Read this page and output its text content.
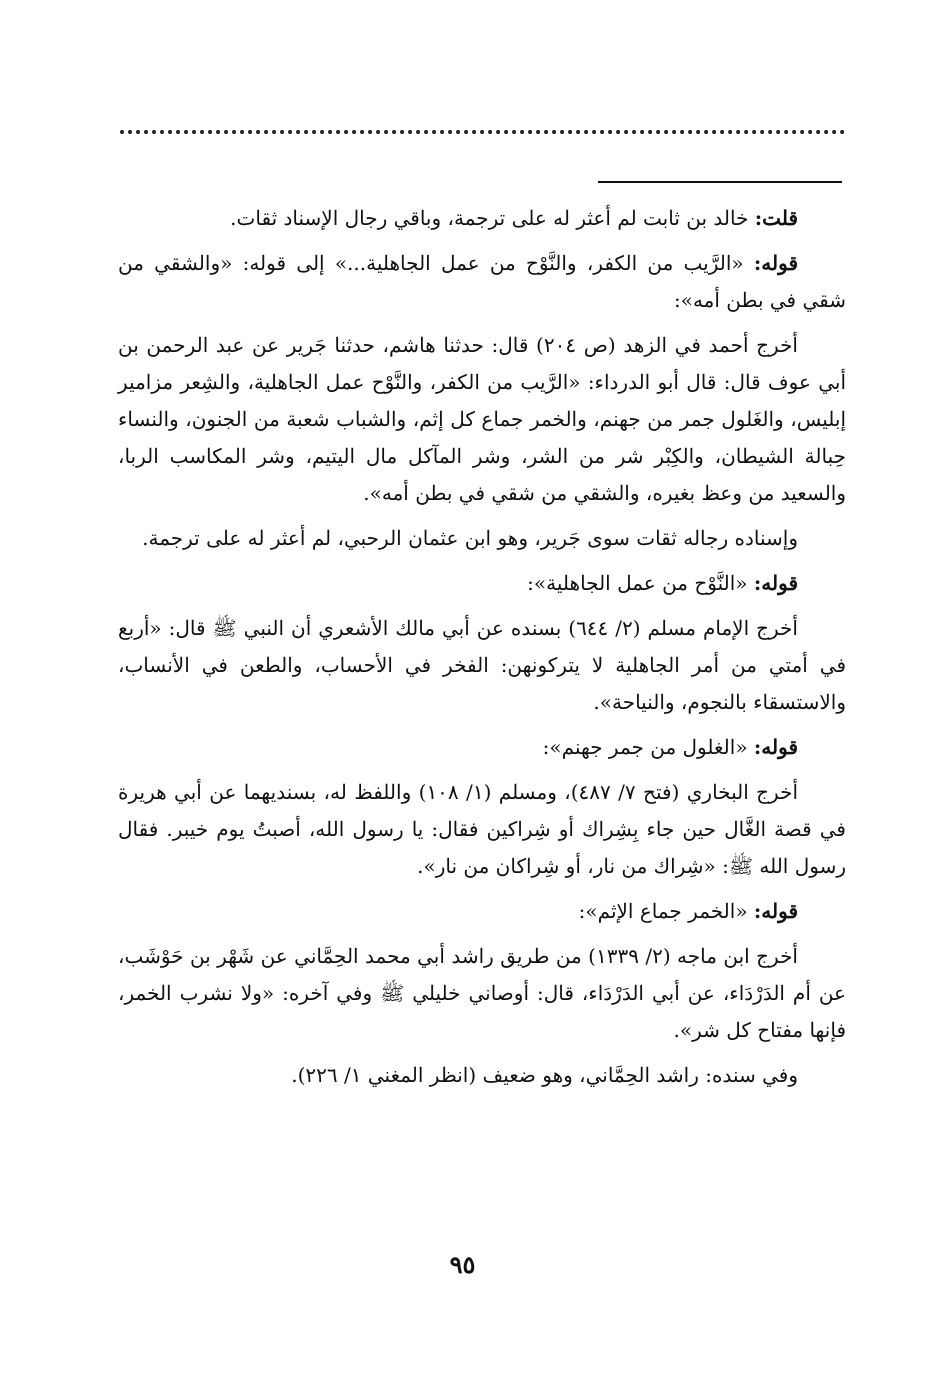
قلت: خالد بن ثابت لم أعثر له على ترجمة، وباقي رجال الإسناد ثقات.

قوله: «الرَّيب من الكفر، والنَّوْح من عمل الجاهلية...» إلى قوله: «والشقي من شقي في بطن أمه»:

أخرج أحمد في الزهد (ص ٢٠٤) قال: حدثنا هاشم، حدثنا جَرير عن عبد الرحمن بن أبي عوف قال: قال أبو الدرداء: «الرَّيب من الكفر، والنَّوْح عمل الجاهلية، والشِعر مزامير إبليس، والغَلول جمر من جهنم، والخمر جماع كل إثم، والشباب شعبة من الجنون، والنساء حِبالة الشيطان، والكِبْر شر من الشر، وشر المآكل مال اليتيم، وشر المكاسب الربا، والسعيد من وعظ بغيره، والشقي من شقي في بطن أمه».

وإسناده رجاله ثقات سوى جَرير، وهو ابن عثمان الرحبي، لم أعثر له على ترجمة.

قوله: «النَّوْح من عمل الجاهلية»:

أخرج الإمام مسلم (٢/ ٦٤٤) بسنده عن أبي مالك الأشعري أن النبي ﷺ قال: «أربع في أمتي من أمر الجاهلية لا يتركونهن: الفخر في الأحساب، والطعن في الأنساب، والاستسقاء بالنجوم، والنياحة».

قوله: «الغلول من جمر جهنم»:

أخرج البخاري (فتح ٧/ ٤٨٧)، ومسلم (١/ ١٠٨) واللفظ له، بسنديهما عن أبي هريرة في قصة الغَّال حين جاء بِشِراك أو شِراكين فقال: يا رسول الله، أصبتُ يوم خيبر. فقال رسول الله ﷺ: «شِراك من نار، أو شِراكان من نار».

قوله: «الخمر جماع الإثم»:

أخرج ابن ماجه (٢/ ١٣٣٩) من طريق راشد أبي محمد الحِمَّاني عن شَهْر بن حَوْشَب، عن أم الدَرْدَاء، عن أبي الدَرْدَاء، قال: أوصاني خليلي ﷺ وفي آخره: «ولا نشرب الخمر، فإنها مفتاح كل شر».

وفي سنده: راشد الحِمَّاني، وهو ضعيف (انظر المغني ١/ ٢٢٦).

٩٥
